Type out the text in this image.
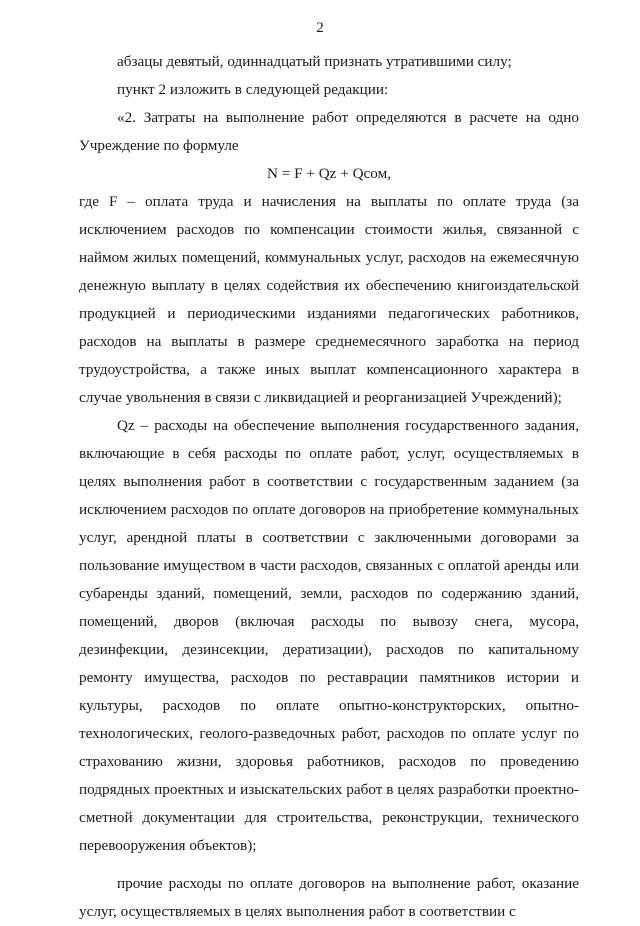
2

абзацы девятый, одиннадцатый признать утратившими силу;

пункт 2 изложить в следующей редакции:

«2. Затраты на выполнение работ определяются в расчете на одно Учреждение по формуле

N = F + Qz + Qсом,

где F – оплата труда и начисления на выплаты по оплате труда (за исключением расходов по компенсации стоимости жилья, связанной с наймом жилых помещений, коммунальных услуг, расходов на ежемесячную денежную выплату в целях содействия их обеспечению книгоиздательской продукцией и периодическими изданиями педагогических работников, расходов на выплаты в размере среднемесячного заработка на период трудоустройства, а также иных выплат компенсационного характера в случае увольнения в связи с ликвидацией и реорганизацией Учреждений);

Qz – расходы на обеспечение выполнения государственного задания, включающие в себя расходы по оплате работ, услуг, осуществляемых в целях выполнения работ в соответствии с государственным заданием (за исключением расходов по оплате договоров на приобретение коммунальных услуг, арендной платы в соответствии с заключенными договорами за пользование имуществом в части расходов, связанных с оплатой аренды или субаренды зданий, помещений, земли, расходов по содержанию зданий, помещений, дворов (включая расходы по вывозу снега, мусора, дезинфекции, дезинсекции, дератизации), расходов по капитальному ремонту имущества, расходов по реставрации памятников истории и культуры, расходов по оплате опытно-конструкторских, опытно-технологических, геолого-разведочных работ, расходов по оплате услуг по страхованию жизни, здоровья работников, расходов по проведению подрядных проектных и изыскательских работ в целях разработки проектно-сметной документации для строительства, реконструкции, технического перевооружения объектов);

прочие расходы по оплате договоров на выполнение работ, оказание услуг, осуществляемых в целях выполнения работ в соответствии с
